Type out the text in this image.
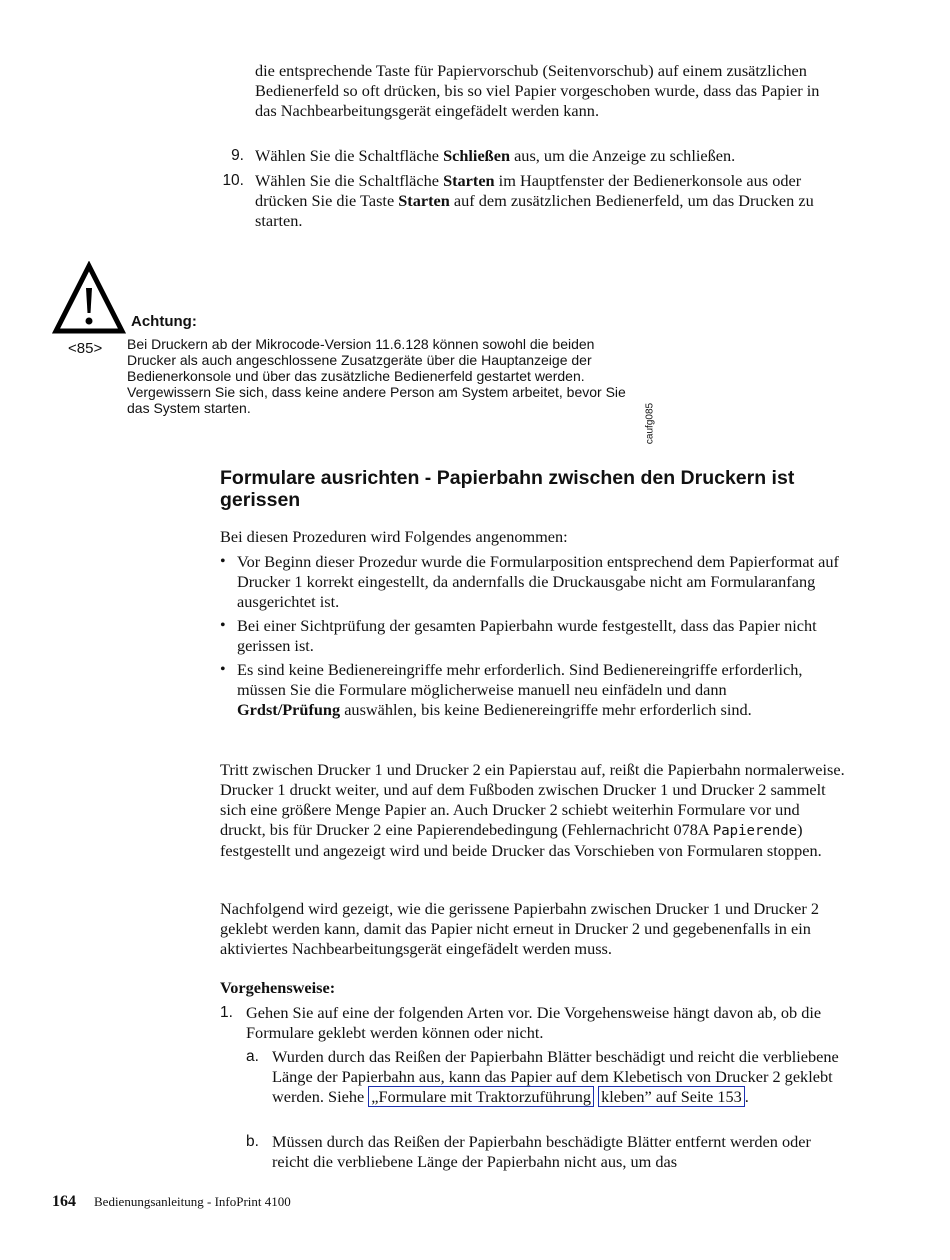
die entsprechende Taste für Papiervorschub (Seitenvorschub) auf einem zusätzlichen Bedienerfeld so oft drücken, bis so viel Papier vorgeschoben wurde, dass das Papier in das Nachbearbeitungsgerät eingefädelt werden kann.

9. Wählen Sie die Schaltfläche Schließen aus, um die Anzeige zu schließen.
10. Wählen Sie die Schaltfläche Starten im Hauptfenster der Bedienerkonsole aus oder drücken Sie die Taste Starten auf dem zusätzlichen Bedienerfeld, um das Drucken zu starten.
Achtung:
<85> Bei Druckern ab der Mikrocode-Version 11.6.128 können sowohl die beiden Drucker als auch angeschlossene Zusatzgeräte über die Hauptanzeige der Bedienerkonsole und über das zusätzliche Bedienerfeld gestartet werden. Vergewissern Sie sich, dass keine andere Person am System arbeitet, bevor Sie das System starten.	caufg085
Formulare ausrichten - Papierbahn zwischen den Druckern ist gerissen

Bei diesen Prozeduren wird Folgendes angenommen:

• Vor Beginn dieser Prozedur wurde die Formularposition entsprechend dem Papierformat auf Drucker 1 korrekt eingestellt, da andernfalls die Druckausgabe nicht am Formularanfang ausgerichtet ist.
• Bei einer Sichtprüfung der gesamten Papierbahn wurde festgestellt, dass das Papier nicht gerissen ist.
• Es sind keine Bedienereingriffe mehr erforderlich. Sind Bedienereingriffe erforderlich, müssen Sie die Formulare möglicherweise manuell neu einfädeln und dann Grdst/Prüfung auswählen, bis keine Bedienereingriffe mehr erforderlich sind.

Tritt zwischen Drucker 1 und Drucker 2 ein Papierstau auf, reißt die Papierbahn normalerweise. Drucker 1 druckt weiter, und auf dem Fußboden zwischen Drucker 1 und Drucker 2 sammelt sich eine größere Menge Papier an. Auch Drucker 2 schiebt weiterhin Formulare vor und druckt, bis für Drucker 2 eine Papierendebedingung (Fehlernachricht 078A Papierende) festgestellt und angezeigt wird und beide Drucker das Vorschieben von Formularen stoppen.

Nachfolgend wird gezeigt, wie die gerissene Papierbahn zwischen Drucker 1 und Drucker 2 geklebt werden kann, damit das Papier nicht erneut in Drucker 2 und gegebenenfalls in ein aktiviertes Nachbearbeitungsgerät eingefädelt werden muss.

Vorgehensweise:
1. Gehen Sie auf eine der folgenden Arten vor. Die Vorgehensweise hängt davon ab, ob die Formulare geklebt werden können oder nicht.
a. Wurden durch das Reißen der Papierbahn Blätter beschädigt und reicht die verbliebene Länge der Papierbahn aus, kann das Papier auf dem Klebetisch von Drucker 2 geklebt werden. Siehe „Formulare mit Traktorzuführung kleben” auf Seite 153 .
b. Müssen durch das Reißen der Papierbahn beschädigte Blätter entfernt werden oder reicht die verbliebene Länge der Papierbahn nicht aus, um das
164 Bedienungsanleitung - InfoPrint 4100
